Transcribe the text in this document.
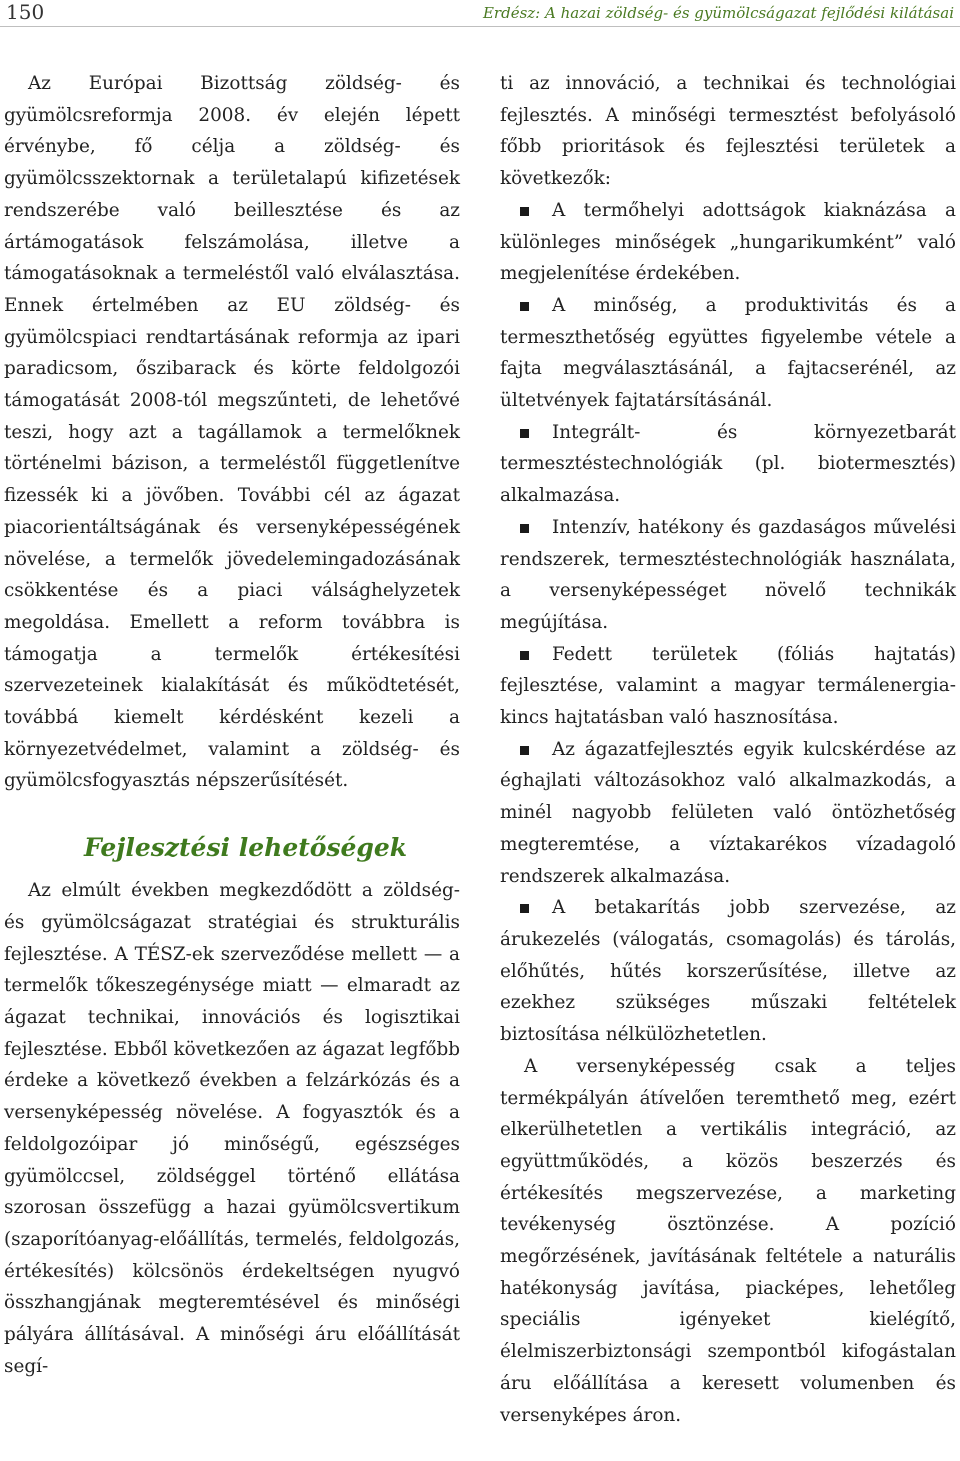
150	Erdész: A hazai zöldség- és gyümölcságazat fejlődési kilátásai

Az Európai Bizottság zöldség- és gyümölcsreformja 2008. év elején lépett érvénybe, fő célja a zöldség- és gyümölcsszektornak a területalapú kifizetések rendszerébe való beillesztése és az ártámogatások felszámolása, illetve a támogatásoknak a termeléstől való elválasztása. Ennek értelmében az EU zöldség- és gyümölcspiaci rendtartásának reformja az ipari paradicsom, őszibarack és körte feldolgozói támogatását 2008-tól megszűnteti, de lehetővé teszi, hogy azt a tagállamok a termelőknek történelmi bázison, a termeléstől függetlenítve fizessék ki a jövőben. További cél az ágazat piacorientáltságának és versenyképességének növelése, a termelők jövedelemingadozásának csökkentése és a piaci válsághelyzetek megoldása. Emellett a reform továbbra is támogatja a termelők értékesítési szervezeteinek kialakítását és működtetését, továbbá kiemelt kérdésként kezeli a környezetvédelmet, valamint a zöldség- és gyümölcsfogyasztás népszerűsítését.

Fejlesztési lehetőségek

Az elmúlt években megkezdődött a zöldség- és gyümölcságazat stratégiai és strukturális fejlesztése. A TÉSZ-ek szerveződése mellett — a termelők tőkeszegénysége miatt — elmaradt az ágazat technikai, innovációs és logisztikai fejlesztése. Ebből következően az ágazat legfőbb érdeke a következő években a felzárkózás és a versenyképesség növelése. A fogyasztók és a feldolgozóipar jó minőségű, egészséges gyümölccsel, zöldséggel történő ellátása szorosan összefügg a hazai gyümölcsvertikum (szaporítóanyag-előállítás, termelés, feldolgozás, értékesítés) kölcsönös érdekeltségen nyugvó összhangjának megteremtésével és minőségi pályára állításával. A minőségi áru előállítását segí-

ti az innováció, a technikai és technológiai fejlesztés. A minőségi termesztést befolyásoló főbb prioritások és fejlesztési területek a következők:

A termőhelyi adottságok kiaknázása a különleges minőségek „hungarikumként” való megjelenítése érdekében.
A minőség, a produktivitás és a termeszthetőség együttes figyelembe vétele a fajta megválasztásánál, a fajtacserénél, az ültetvények fajtatársításánál.
Integrált- és környezetbarát termesztéstechnológiák (pl. biotermesztés) alkalmazása.
Intenzív, hatékony és gazdaságos művelési rendszerek, termesztéstechnológiák használata, a versenyképességet növelő technikák megújítása.
Fedett területek (fóliás hajtatás) fejlesztése, valamint a magyar termálenergia-kincs hajtatásban való hasznosítása.
Az ágazatfejlesztés egyik kulcskérdése az éghajlati változásokhoz való alkalmazkodás, a minél nagyobb felületen való öntözhetőség megteremtése, a víztakarékos vízadagoló rendszerek alkalmazása.
A betakarítás jobb szervezése, az árukezelés (válogatás, csomagolás) és tárolás, előhűtés, hűtés korszerűsítése, illetve az ezekhez szükséges műszaki feltételek biztosítása nélkülözhetetlen.

A versenyképesség csak a teljes termékpályán átívelően teremthető meg, ezért elkerülhetetlen a vertikális integráció, az együttműködés, a közös beszerzés és értékesítés megszervezése, a marketing tevékenység ösztönzése. A pozíció megőrzésének, javításának feltétele a naturális hatékonyság javítása, piacképes, lehetőleg speciális igényeket kielégítő, élelmiszerbiztonsági szempontból kifogástalan áru előállítása a keresett volumenben és versenyképes áron.
